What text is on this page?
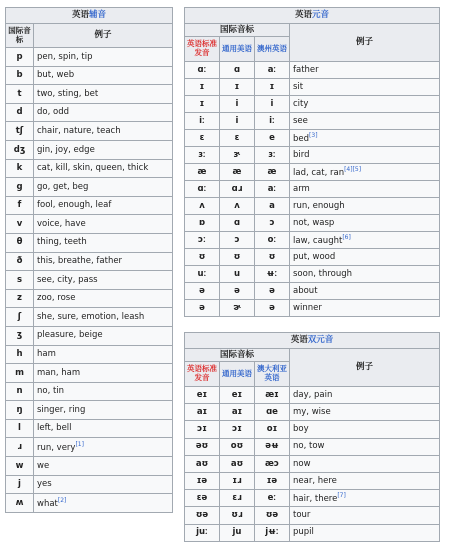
英语辅音	
国际音标	例子
p	pen, spin, tip
b	but, web
t	two, sting, bet
d	do, odd
tʃ	chair, nature, teach
dʒ	gin, joy, edge
k	cat, kill, skin, queen, thick
g	go, get, beg
f	fool, enough, leaf
v	voice, have
θ	thing, teeth
ð	this, breathe, father
s	see, city, pass
z	zoo, rose
ʃ	she, sure, emotion, leash
ʒ	pleasure, beige
h	ham
m	man, ham
n	no, tin
ŋ	singer, ring
l	left, bell
ɹ	run, very[1]
w	we
j	yes
ʍ	what[2]
英语元音			
国际音标			例子
英语标准发音	通用美语	澳州英语	
ɑː	ɑ	aː	father
ɪ	ɪ	ɪ	sit
ɪ	i	i	city
iː	i	iː	see
ɛ	ɛ	e	bed[3]
ɜː	ɝ	ɜː	bird
æ	æ	æ	lad, cat, ran[4][5]
ɑː	ɑɹ	aː	arm
ʌ	ʌ	a	run, enough
ɒ	ɑ	ɔ	not, wasp
ɔː	ɔ	oː	law, caught[6]
ʊ	ʊ	ʊ	put, wood
uː	u	ʉː	soon, through
ə	ə	ə	about
ə	ɚ	ə	winner
英语双元音			
国际音标			例子
英语标准发音	通用美语	澳大利亚英语	
eɪ	eɪ	æɪ	day, pain
aɪ	aɪ	ɑe	my, wise
ɔɪ	ɔɪ	oɪ	boy
əʊ	oʊ	əʉ	no, tow
aʊ	aʊ	æɔ	now
ɪə	ɪɹ	ɪə	near, here
ɛə	ɛɹ	eː	hair, there[7]
ʊə	ʊɹ	ʊə	tour
juː	ju	jʉː	pupil
